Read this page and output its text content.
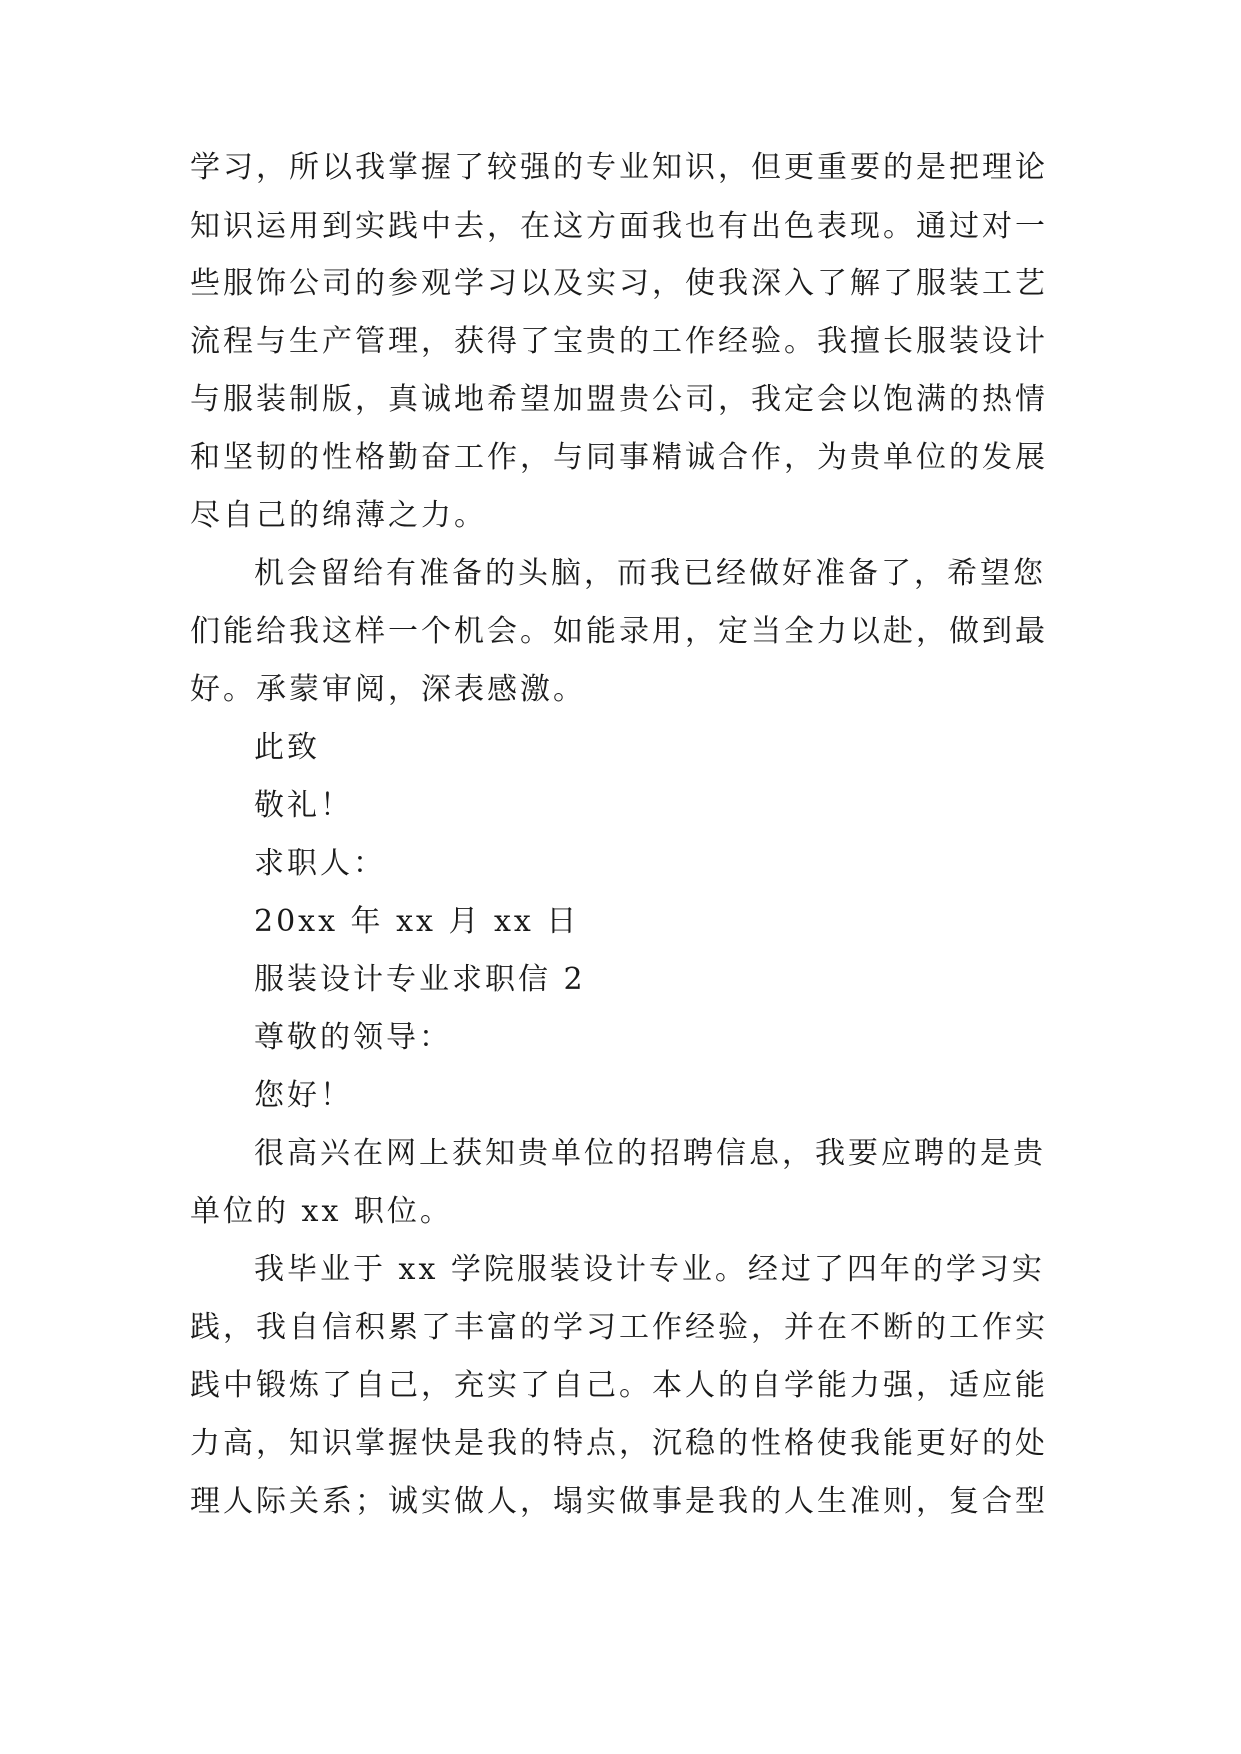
学习，所以我掌握了较强的专业知识，但更重要的是把理论
知识运用到实践中去，在这方面我也有出色表现。通过对一
些服饰公司的参观学习以及实习，使我深入了解了服装工艺
流程与生产管理，获得了宝贵的工作经验。我擅长服装设计
与服装制版，真诚地希望加盟贵公司，我定会以饱满的热情
和坚韧的性格勤奋工作，与同事精诚合作，为贵单位的发展
尽自己的绵薄之力。
机会留给有准备的头脑，而我已经做好准备了，希望您
们能给我这样一个机会。如能录用，定当全力以赴，做到最
好。承蒙审阅，深表感激。
此致
敬礼！
求职人：
20xx 年 xx 月 xx 日
服装设计专业求职信 2
尊敬的领导：
您好！
很高兴在网上获知贵单位的招聘信息，我要应聘的是贵
单位的 xx 职位。
我毕业于 xx 学院服装设计专业。经过了四年的学习实
践，我自信积累了丰富的学习工作经验，并在不断的工作实
践中锻炼了自己，充实了自己。本人的自学能力强，适应能
力高，知识掌握快是我的特点，沉稳的性格使我能更好的处
理人际关系；诚实做人，塌实做事是我的人生准则，复合型
